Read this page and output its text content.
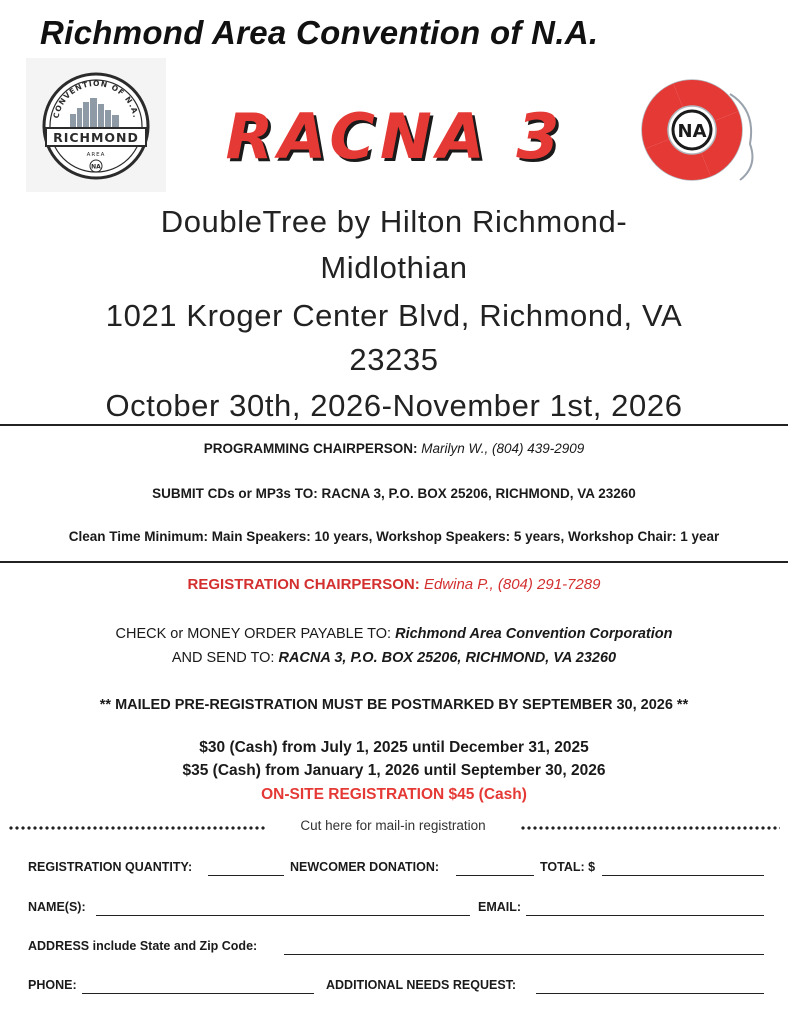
Richmond Area Convention of N.A.
CONVENTION OF N.A.
RICHMOND
AREA
NA	RACNA 3	NA
DoubleTree by Hilton Richmond-
Midlothian
1021 Kroger Center Blvd, Richmond, VA
23235
October 30th, 2026-November 1st, 2026
PROGRAMMING CHAIRPERSON: Marilyn W., (804) 439-2909
SUBMIT CDs or MP3s TO: RACNA 3, P.O. BOX 25206, RICHMOND, VA 23260
Clean Time Minimum: Main Speakers: 10 years, Workshop Speakers: 5 years, Workshop Chair: 1 year
REGISTRATION CHAIRPERSON: Edwina P., (804) 291-7289
CHECK or MONEY ORDER PAYABLE TO: Richmond Area Convention Corporation
AND SEND TO: RACNA 3, P.O. BOX 25206, RICHMOND, VA 23260
** MAILED PRE-REGISTRATION MUST BE POSTMARKED BY SEPTEMBER 30, 2026 **
$30 (Cash) from July 1, 2025 until December 31, 2025
$35 (Cash) from January 1, 2026 until September 30, 2026
ON-SITE REGISTRATION $45 (Cash)
Cut here for mail-in registration
REGISTRATION QUANTITY:	NEWCOMER DONATION:	TOTAL: $
NAME(S):	EMAIL:
ADDRESS include State and Zip Code:
PHONE:	ADDITIONAL NEEDS REQUEST:
